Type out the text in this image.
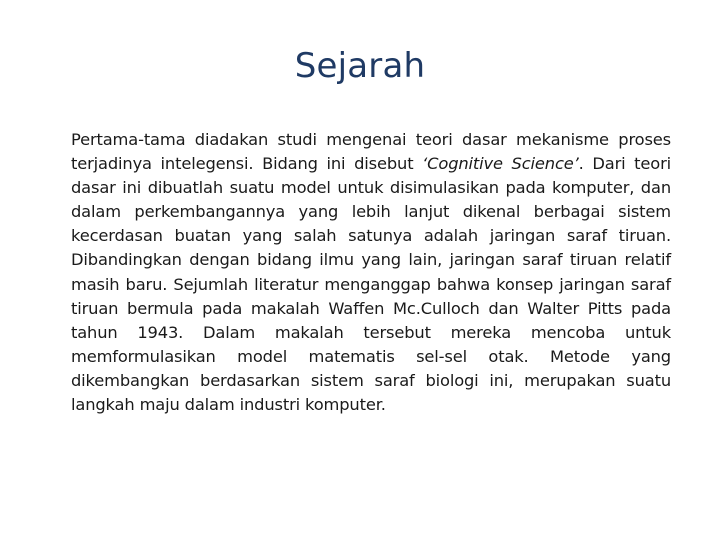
Sejarah
Pertama-tama diadakan studi mengenai teori dasar mekanisme proses terjadinya intelegensi. Bidang ini disebut ‘Cognitive Science’. Dari teori dasar ini dibuatlah suatu model untuk disimulasikan pada komputer, dan dalam perkembangannya yang lebih lanjut dikenal berbagai sistem kecerdasan buatan yang salah satunya adalah jaringan saraf tiruan. Dibandingkan dengan bidang ilmu yang lain, jaringan saraf tiruan relatif masih baru. Sejumlah literatur menganggap bahwa konsep jaringan saraf tiruan bermula pada makalah Waffen Mc.Culloch dan Walter Pitts pada tahun 1943. Dalam makalah tersebut mereka mencoba untuk memformulasikan model matematis sel-sel otak. Metode yang dikembangkan berdasarkan sistem saraf biologi ini, merupakan suatu langkah maju dalam industri komputer.
